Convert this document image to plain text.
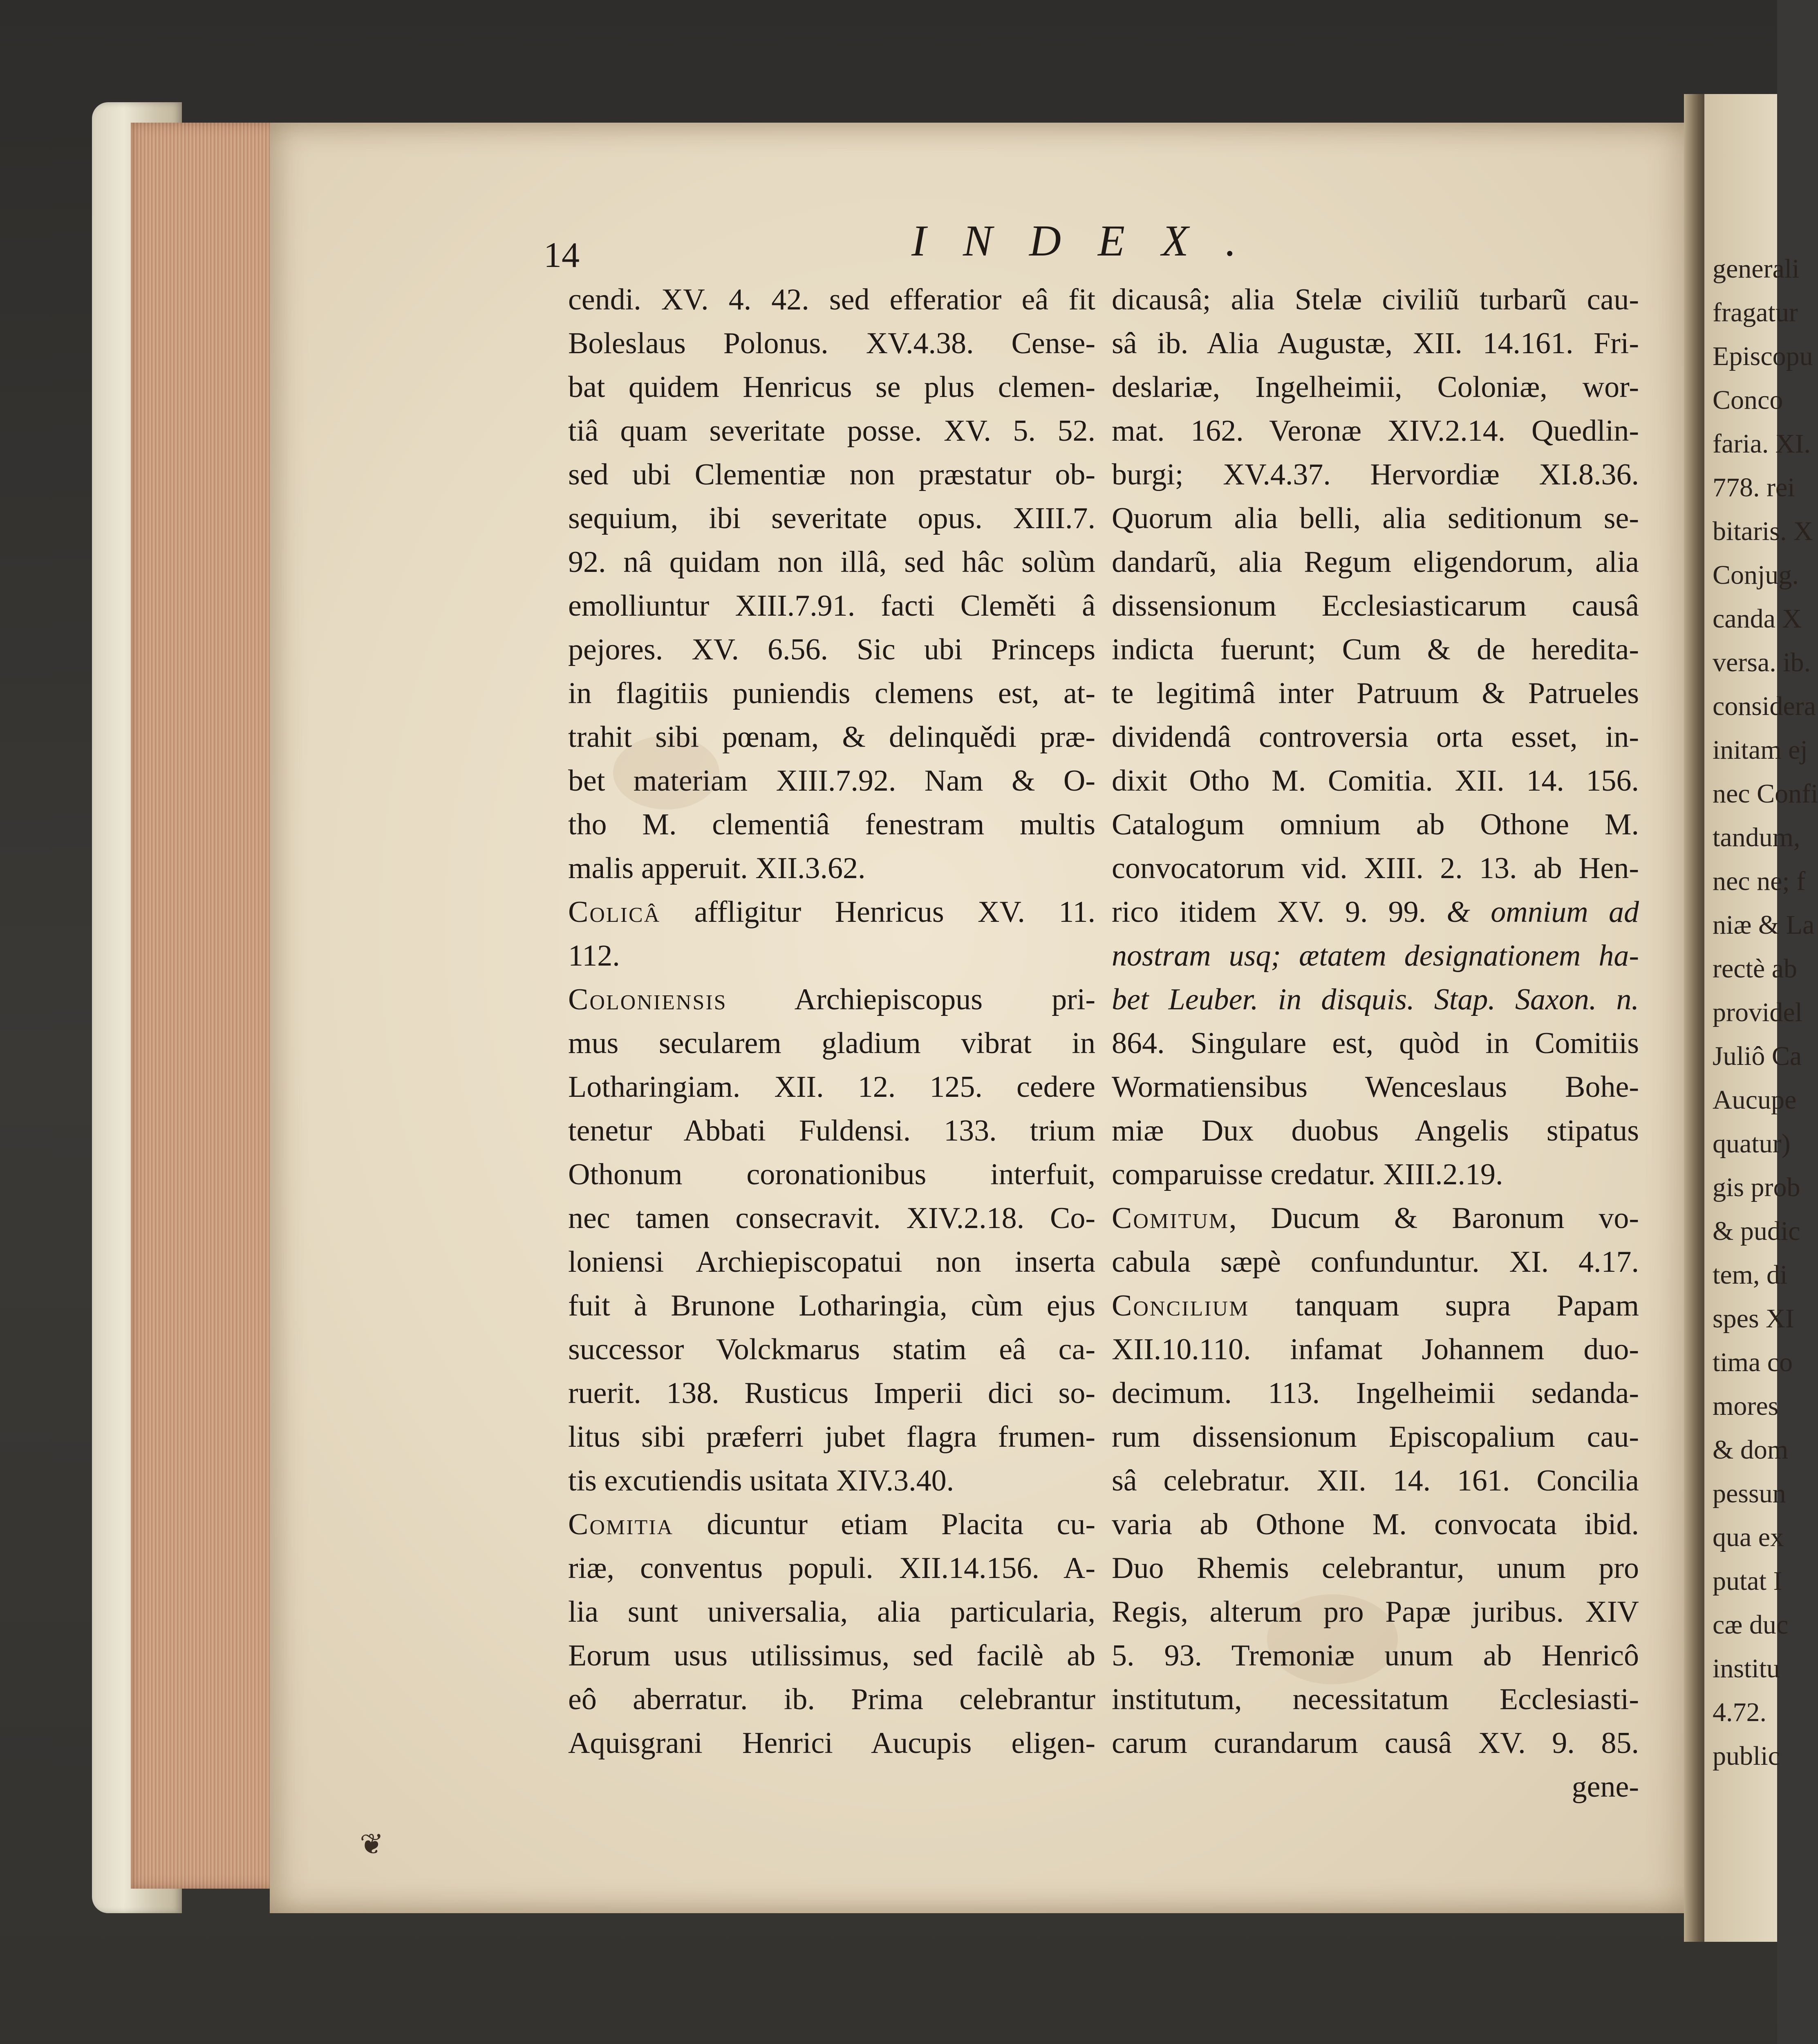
generali
fragatur
Episcopu
Conco
faria. XI.
778. rei
bitaris. X
Conjug.
canda X
versa. ib.
considera
initam ej
nec Confi
tandum,
nec ne; f
niæ & La
rectè ab
providel
Juliô Ca
Aucupe
quatur)
gis prob
& pudic
tem, di
spes XI
tima co
mores
& dom
pessun
qua ex
putat I
cæ duc
institu
4.72.
public
14	INDEX.
cendi. XV. 4. 42. sed efferatior eâ fit
Boleslaus Polonus. XV.4.38. Cense-
bat quidem Henricus se plus clemen-
tiâ quam severitate posse. XV. 5. 52.
sed ubi Clementiæ non præstatur ob-
sequium, ibi severitate opus. XIII.7.
92. nâ quidam non illâ, sed hâc solùm
emolliuntur XIII.7.91. facti Cleměti â
pejores. XV. 6.56. Sic ubi Princeps
in flagitiis puniendis clemens est, at-
trahit sibi pœnam, & delinquědi præ-
bet materiam XIII.7.92. Nam & O-
tho M. clementiâ fenestram multis
malis apperuit. XII.3.62.
Colicâ affligitur Henricus XV. 11.
112.
Coloniensis Archiepiscopus pri-
mus secularem gladium vibrat in
Lotharingiam. XII. 12. 125. cedere
tenetur Abbati Fuldensi. 133. trium
Othonum coronationibus interfuit,
nec tamen consecravit. XIV.2.18. Co-
loniensi Archiepiscopatui non inserta
fuit à Brunone Lotharingia, cùm ejus
successor Volckmarus statim eâ ca-
ruerit. 138. Rusticus Imperii dici so-
litus sibi præferri jubet flagra frumen-
tis excutiendis usitata XIV.3.40.
Comitia dicuntur etiam Placita cu-
riæ, conventus populi. XII.14.156. A-
lia sunt universalia, alia particularia,
Eorum usus utilissimus, sed facilè ab
eô aberratur. ib. Prima celebrantur
Aquisgrani Henrici Aucupis eligen-
dicausâ; alia Stelæ civiliũ turbarũ cau-
sâ ib. Alia Augustæ, XII. 14.161. Fri-
deslariæ, Ingelheimii, Coloniæ, wor-
mat. 162. Veronæ XIV.2.14. Quedlin-
burgi; XV.4.37. Hervordiæ XI.8.36.
Quorum alia belli, alia seditionum se-
dandarũ, alia Regum eligendorum, alia
dissensionum Ecclesiasticarum causâ
indicta fuerunt; Cum & de heredita-
te legitimâ inter Patruum & Patrueles
dividendâ controversia orta esset, in-
dixit Otho M. Comitia. XII. 14. 156.
Catalogum omnium ab Othone M.
convocatorum vid. XIII. 2. 13. ab Hen-
rico itidem XV. 9. 99. & omnium ad
nostram usq; ætatem designationem ha-
bet Leuber. in disquis. Stap. Saxon. n.
864. Singulare est, quòd in Comitiis
Wormatiensibus Wenceslaus Bohe-
miæ Dux duobus Angelis stipatus
comparuisse credatur. XIII.2.19.
Comitum, Ducum & Baronum vo-
cabula sæpè confunduntur. XI. 4.17.
Concilium tanquam supra Papam
XII.10.110. infamat Johannem duo-
decimum. 113. Ingelheimii sedanda-
rum dissensionum Episcopalium cau-
sâ celebratur. XII. 14. 161. Concilia
varia ab Othone M. convocata ibid.
Duo Rhemis celebrantur, unum pro
Regis, alterum pro Papæ juribus. XIV
5. 93. Tremoniæ unum ab Henricô
institutum, necessitatum Ecclesiasti-
carum curandarum causâ XV. 9. 85.
gene-
❦
